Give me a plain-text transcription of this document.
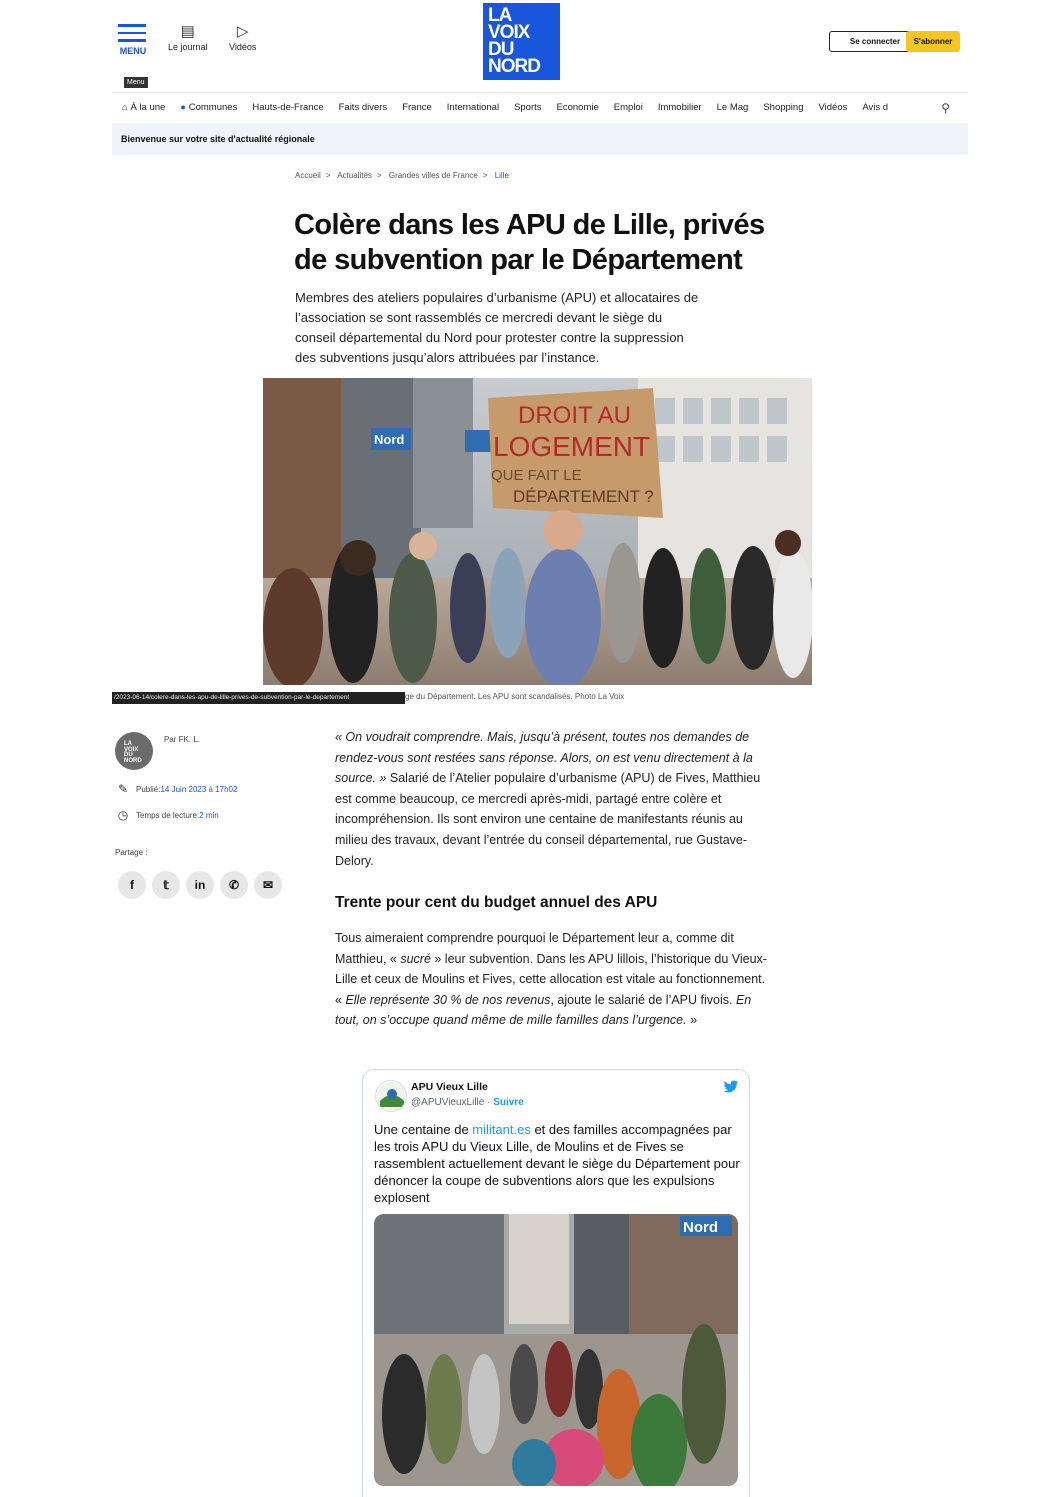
MENU
Menu
▤
Le journal
▷
Vidéos
LA
VOIX
DU
NORD
Se connecter	S'abonner
⌂ À la une ● Communes Hauts-de-France Faits divers France International Sports Economie Emploi Immobilier Le Mag Shopping Vidéos Avis d	⚲
Bienvenue sur votre site d'actualité régionale
Accueil > Actualités > Grandes villes de France > Lille
Colère dans les APU de Lille, privés de subvention par le Département

Membres des ateliers populaires d’urbanisme (APU) et allocataires de l’association se sont rassemblés ce mercredi devant le siège du conseil départemental du Nord pour protester contre la suppression des subventions jusqu’alors attribuées par l’instance.

Nord
DROIT AU
LOGEMENT
QUE FAIT LE
DÉPARTEMENT ?
/2023-06-14/colere-dans-les-apu-de-lille-prives-de-subvention-par-le-departement	ge du Département. Les APU sont scandalisés. Photo La Voix
LA
VOIX
DU
NORD
Par FK. L.
✎ Publié: 14 Juin 2023 à 17h02
◷ Temps de lecture: 2 min
Partage :
f	𝕥	in	✆	✉

« On voudrait comprendre. Mais, jusqu’à présent, toutes nos demandes de rendez-vous sont restées sans réponse. Alors, on est venu directement à la source. » Salarié de l’Atelier populaire d’urbanisme (APU) de Fives, Matthieu est comme beaucoup, ce mercredi après-midi, partagé entre colère et incompréhension. Ils sont environ une centaine de manifestants réunis au milieu des travaux, devant l’entrée du conseil départemental, rue Gustave-Delory.

Trente pour cent du budget annuel des APU

Tous aimeraient comprendre pourquoi le Département leur a, comme dit Matthieu, « sucré » leur subvention. Dans les APU lillois, l’historique du Vieux-Lille et ceux de Moulins et Fives, cette allocation est vitale au fonctionnement. « Elle représente 30 % de nos revenus, ajoute le salarié de l’APU fivois. En tout, on s’occupe quand même de mille familles dans l’urgence. »

APU Vieux Lille
@APUVieuxLille · Suivre

Une centaine de militant.es et des familles accompagnées par les trois APU du Vieux Lille, de Moulins et de Fives se rassemblent actuellement devant le siège du Département pour dénoncer la coupe de subventions alors que les expulsions explosent

Nord
